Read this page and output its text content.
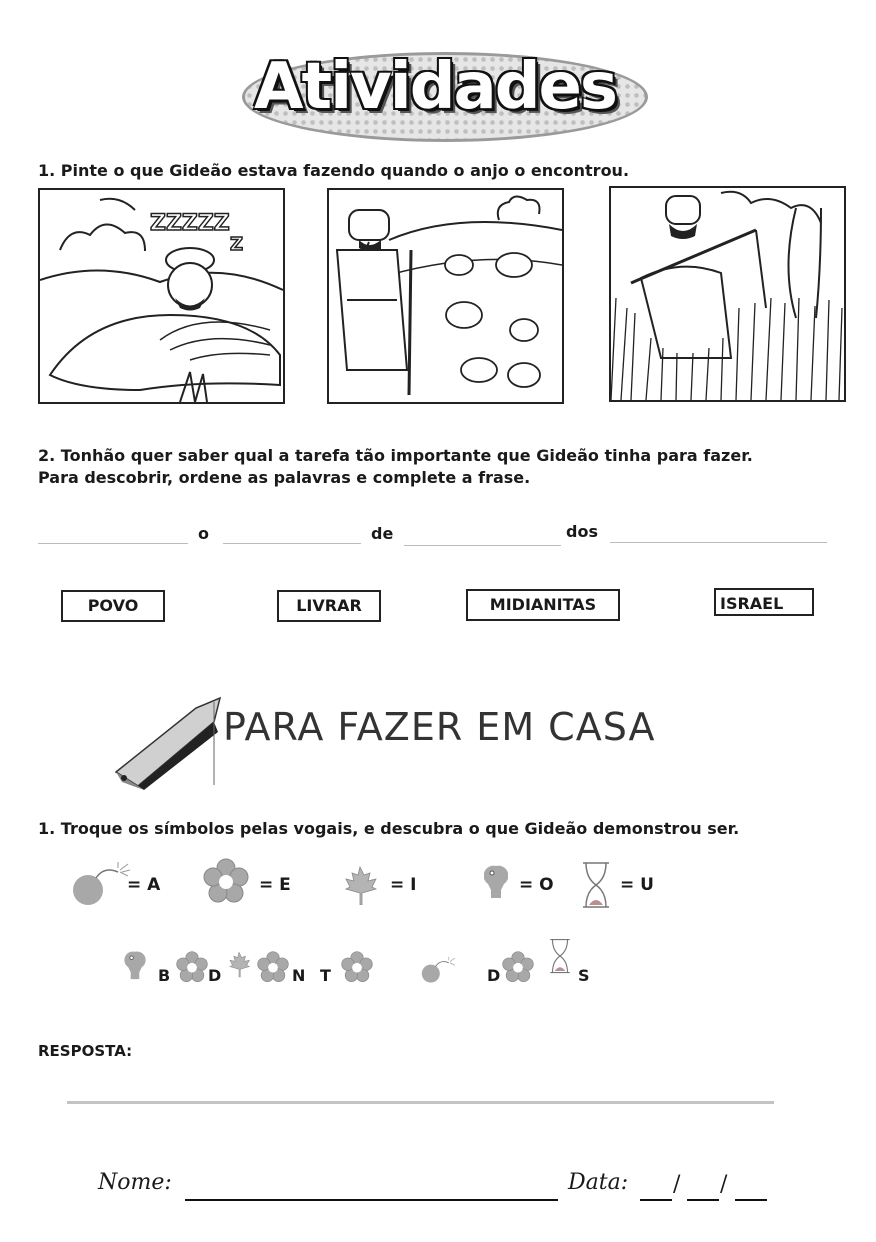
Atividades
1. Pinte o que Gideão estava fazendo quando o anjo o encontrou.
ZZZZZ
Z
2. Tonhão quer saber qual a tarefa tão importante que Gideão tinha para fazer.
Para descobrir, ordene as palavras e complete a frase.
o	de	dos
POVO	LIVRAR	MIDIANITAS	ISRAEL
PARA FAZER EM CASA
1. Troque os símbolos pelas vogais, e descubra o que Gideão demonstrou ser.
= A	= E	= I	= O	= U
B D	N T	D	S
RESPOSTA:
Nome:	Data: / /
